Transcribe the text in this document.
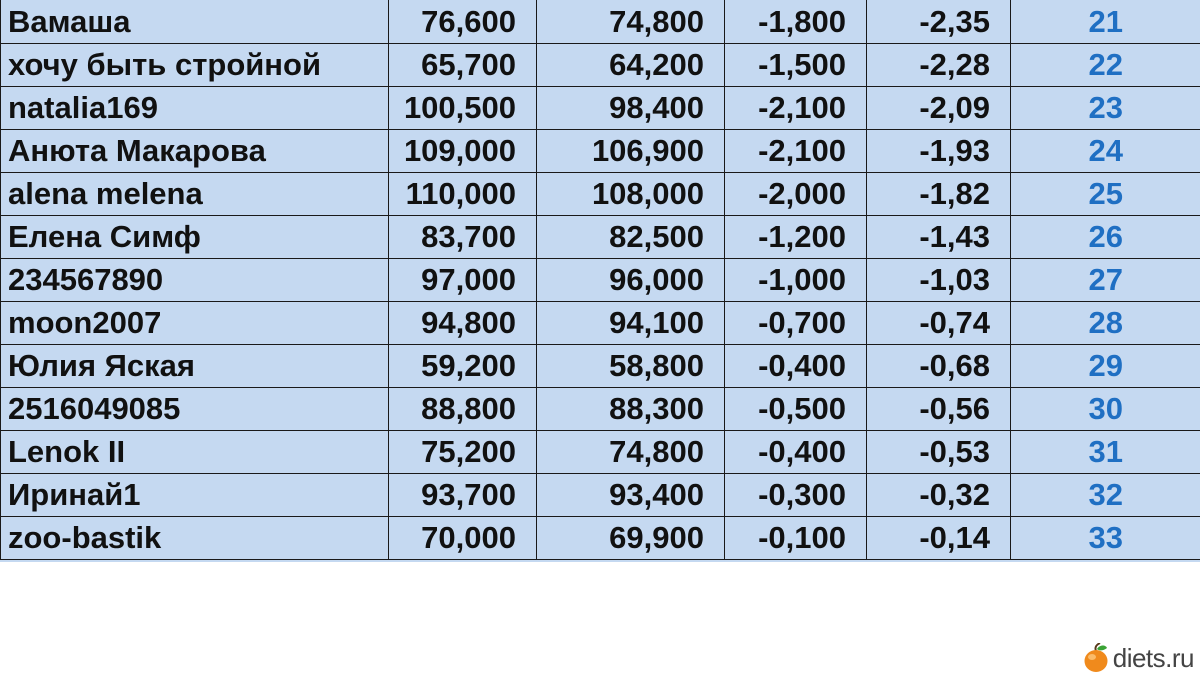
Вамаша	76,600	74,800	-1,800	-2,35	21
хочу быть стройной	65,700	64,200	-1,500	-2,28	22
natalia169	100,500	98,400	-2,100	-2,09	23
Анюта Макарова	109,000	106,900	-2,100	-1,93	24
alena melena	110,000	108,000	-2,000	-1,82	25
Елена Симф	83,700	82,500	-1,200	-1,43	26
234567890	97,000	96,000	-1,000	-1,03	27
moon2007	94,800	94,100	-0,700	-0,74	28
Юлия Яская	59,200	58,800	-0,400	-0,68	29
2516049085	88,800	88,300	-0,500	-0,56	30
Lenok II	75,200	74,800	-0,400	-0,53	31
Иринай1	93,700	93,400	-0,300	-0,32	32
zoo-bastik	70,000	69,900	-0,100	-0,14	33
diets.ru
